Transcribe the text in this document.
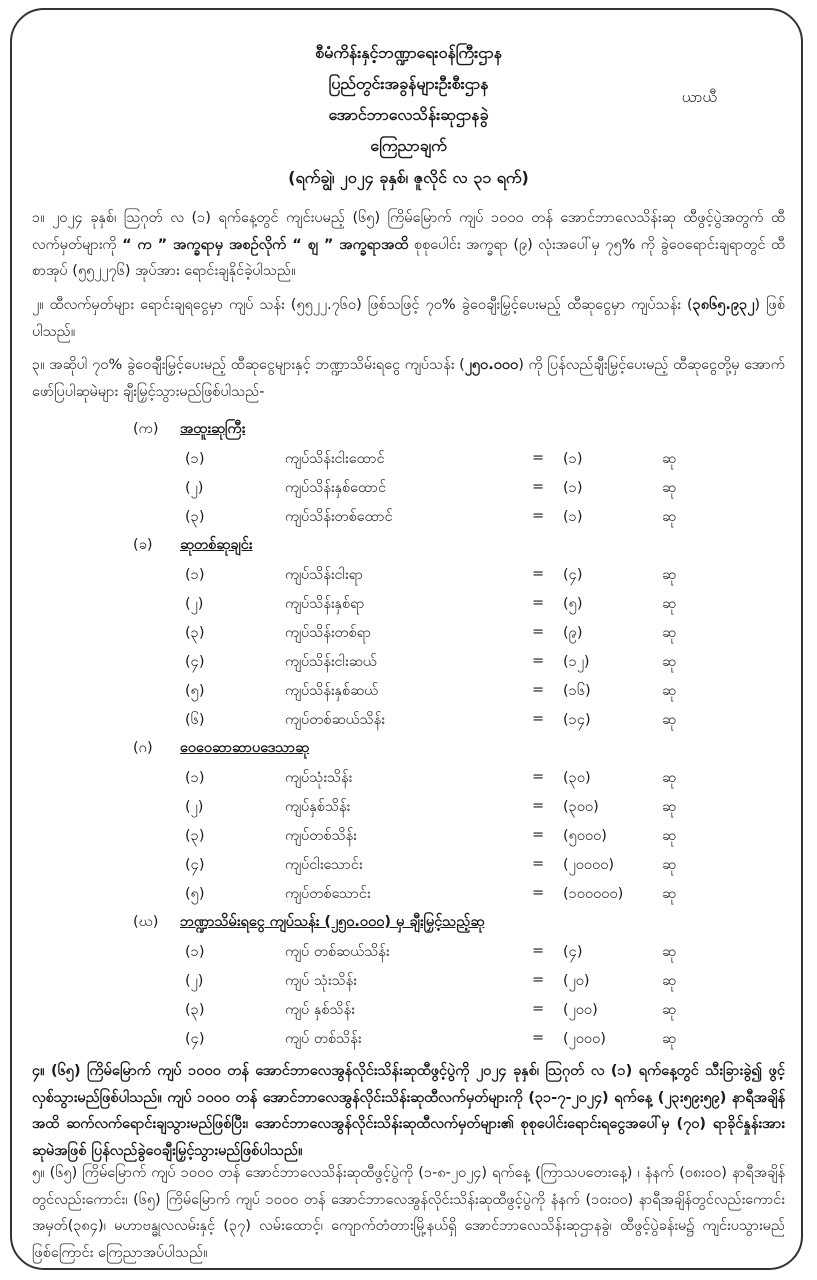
စီမံကိန်းနှင့်ဘဏ္ဍာရေးဝန်ကြီးဌာန
ပြည်တွင်းအခွန်များဦးစီးဌာန
အောင်ဘာလေသိန်းဆုဌာနခွဲ
ကြေညာချက်
(ရက်ချွဲ၊ ၂၀၂၄ ခုနှစ်၊ ဇူလိုင် လ ၃၁ ရက်)
ယာယီ
၁။ ၂၀၂၄ ခုနှစ်၊ ဩဂုတ် လ (၁) ရက်နေ့တွင် ကျင်းပမည့် (၆၅) ကြိမ်မြောက် ကျပ် ၁၀၀၀ တန် အောင်ဘာလေသိန်းဆု ထီဖွင့်ပွဲအတွက် ထီလက်မှတ်များကို “ က ” အက္ခရာမှ အစဉ်လိုက် “ ဈ ” အက္ခရာအထိ စုစုပေါင်း အက္ခရာ (၉) လုံးအပေါ်မှ ၇၅% ကို ခွဲဝေရောင်းချရာတွင် ထီစာအုပ် (၅၅၂၂၇၆) အုပ်အား ရောင်းချနိုင်ခဲ့ပါသည်။
၂။ ထီလက်မှတ်များ ရောင်းချရငွေမှာ ကျပ် သန်း (၅၅၂၂.၇၆၀) ဖြစ်သဖြင့် ၇၀% ခွဲဝေချီးမြှင့်ပေးမည့် ထီဆုငွေမှာ ကျပ်သန်း (၃၈၆၅.၉၃၂) ဖြစ်ပါသည်။
၃။ အဆိုပါ ၇၀% ခွဲဝေချီးမြှင့်ပေးမည့် ထီဆုငွေများနှင့် ဘဏ္ဍာသိမ်းရငွေ ကျပ်သန်း (၂၅၀.၀၀၀) ကို ပြန်လည်ချီးမြှင့်ပေးမည့် ထီဆုငွေတို့မှ အောက်ဖော်ပြပါဆုမဲများ ချီးမြှင့်သွားမည်ဖြစ်ပါသည်-
(က) အထူးဆုကြီး
(၁)	ကျပ်သိန်းငါးထောင်	= (၁)	ဆု
(၂)	ကျပ်သိန်းနှစ်ထောင်	= (၁)	ဆု
(၃)	ကျပ်သိန်းတစ်ထောင်	= (၁)	ဆု
(ခ) ဆုတစ်ဆုချင်း
(၁)	ကျပ်သိန်းငါးရာ	= (၄)	ဆု
(၂)	ကျပ်သိန်းနှစ်ရာ	= (၅)	ဆု
(၃)	ကျပ်သိန်းတစ်ရာ	= (၉)	ဆု
(၄)	ကျပ်သိန်းငါးဆယ်	= (၁၂)	ဆု
(၅)	ကျပ်သိန်းနှစ်ဆယ်	= (၁၆)	ဆု
(၆)	ကျပ်တစ်ဆယ်သိန်း	= (၁၄)	ဆု
(ဂ) ဝေဝေဆာဆာပဒေသာဆု
(၁)	ကျပ်သုံးသိန်း	= (၃၀)	ဆု
(၂)	ကျပ်နှစ်သိန်း	= (၃၀၀)	ဆု
(၃)	ကျပ်တစ်သိန်း	= (၅၀၀၀)	ဆု
(၄)	ကျပ်ငါးသောင်း	= (၂၀၀၀၀)	ဆု
(၅)	ကျပ်တစ်သောင်း	= (၁၀၀၀၀၀)	ဆု
(ဃ) ဘဏ္ဍာသိမ်းရငွေ ကျပ်သန်း (၂၅၀.၀၀၀) မှ ချီးမြှင့်သည့်ဆု
(၁)	ကျပ် တစ်ဆယ်သိန်း	= (၄)	ဆု
(၂)	ကျပ် သုံးသိန်း	= (၂၀)	ဆု
(၃)	ကျပ် နှစ်သိန်း	= (၂၀၀)	ဆု
(၄)	ကျပ် တစ်သိန်း	= (၂၀၀၀)	ဆု
၄။ (၆၅) ကြိမ်မြောက် ကျပ် ၁၀၀၀ တန် အောင်ဘာလေအွန်လိုင်းသိန်းဆုထီဖွင့်ပွဲကို ၂၀၂၄ ခုနှစ်၊ ဩဂုတ် လ (၁) ရက်နေ့တွင် သီးခြားခွဲ၍ ဖွင့်လှစ်သွားမည်ဖြစ်ပါသည်။ ကျပ် ၁၀၀၀ တန် အောင်ဘာလေအွန်လိုင်းသိန်းဆုထီလက်မှတ်များကို (၃၁-၇-၂၀၂၄) ရက်နေ့ (၂၃း၅၉း၅၉) နာရီအချိန်အထိ ဆက်လက်ရောင်းချသွားမည်ဖြစ်ပြီး၊ အောင်ဘာလေအွန်လိုင်းသိန်းဆုထီလက်မှတ်များ၏ စုစုပေါင်းရောင်းရငွေအပေါ်မှ (၇၀) ရာခိုင်နှုန်းအား ဆုမဲအဖြစ် ပြန်လည်ခွဲဝေချီးမြှင့်သွားမည်ဖြစ်ပါသည်။
၅။ (၆၅) ကြိမ်မြောက် ကျပ် ၁၀၀၀ တန် အောင်ဘာလေသိန်းဆုထီဖွင့်ပွဲကို (၁-၈-၂၀၂၄) ရက်နေ့ (ကြာသပတေးနေ့) ၊ နံနက် (၀၈း၀၀) နာရီအချိန်တွင်လည်းကောင်း၊ (၆၅) ကြိမ်မြောက် ကျပ် ၁၀၀၀ တန် အောင်ဘာလေအွန်လိုင်းသိန်းဆုထီဖွင့်ပွဲကို နံနက် (၁၀း၀၀) နာရီအချိန်တွင်လည်းကောင်း အမှတ်(၃၈၄)၊ မဟာဗန္ဓုလလမ်းနှင့် (၃၇) လမ်းထောင့်၊ ကျောက်တံတားမြို့နယ်ရှိ အောင်ဘာလေသိန်းဆုဌာနခွဲ၊ ထီဖွင့်ပွဲခန်းမ၌ ကျင်းပသွားမည်ဖြစ်ကြောင်း ကြေညာအပ်ပါသည်။
